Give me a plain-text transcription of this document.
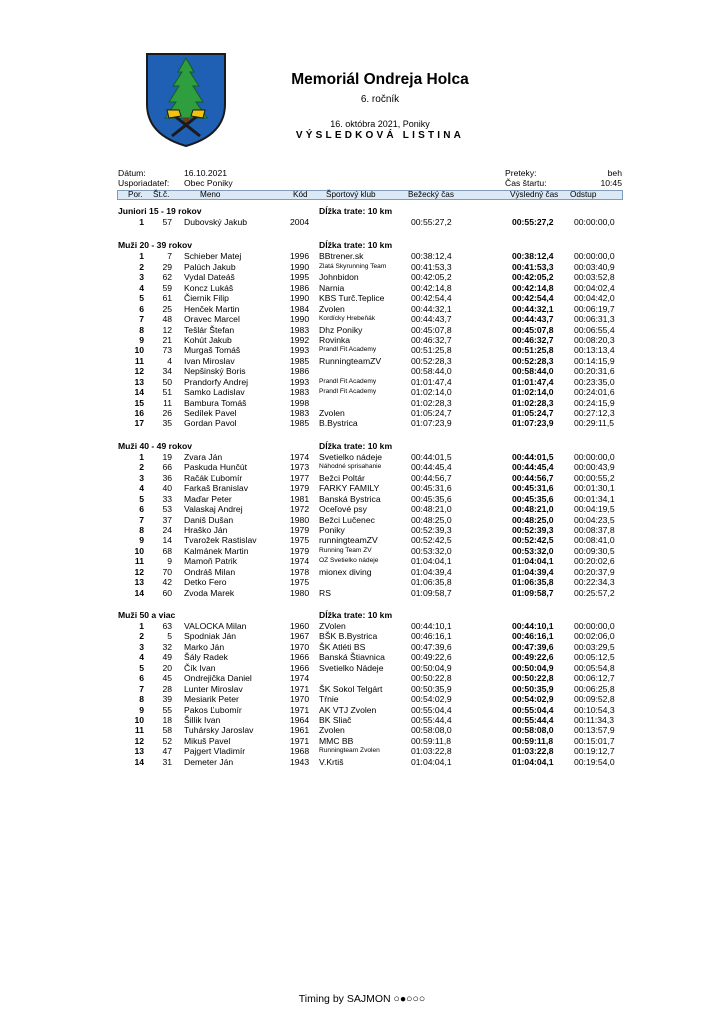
Memoriál Ondreja Holca
6. ročník
16. októbra 2021, Poniky
VÝSLEDKOVÁ LISTINA
Dátum:	16.10.2021
Usporiadateľ: Obec Poniky
Preteky:	beh
Čas štartu:	10:45
Por. Št.č.	Meno	Kód Športový klub	Bežecký čas	Výsledný čas Odstup
Juniori 15 - 19 rokov	Dĺžka trate: 10 km
1	57 Dubovský Jakub	2004	00:55:27,2	00:55:27,2 00:00:00,0
Muži 20 - 39 rokov	Dĺžka trate: 10 km
1	7 Schieber Matej	1996 BBtrener.sk	00:38:12,4	00:38:12,4 00:00:00,0
2	29 Palúch Jakub	1990 Zlatá Skyrunning Team	00:41:53,3	00:41:53,3 00:03:40,9
3	62 Vydal Dateáš	1995 Johnbidon	00:42:05,2	00:42:05,2 00:03:52,8
4	59 Koncz Lukáš	1986 Narnia	00:42:14,8	00:42:14,8 00:04:02,4
5	61 Čiernik Filip	1990 KBS Turč.Teplice	00:42:54,4	00:42:54,4 00:04:42,0
6	25 Henček Martin	1984 Zvolen	00:44:32,1	00:44:32,1 00:06:19,7
7	48 Oravec Marcel	1990 Kordícky Hrebeňák	00:44:43,7	00:44:43,7 00:06:31,3
8	12 Tešlár Štefan	1983 Dhz Poniky	00:45:07,8	00:45:07,8 00:06:55,4
9	21 Kohút Jakub	1992 Rovinka	00:46:32,7	00:46:32,7 00:08:20,3
10	73 Murgaš Tomáš	1993 Prandl Fit Academy	00:51:25,8	00:51:25,8 00:13:13,4
11	4 Ivan Miroslav	1985 RunningteamZV	00:52:28,3	00:52:28,3 00:14:15,9
12	34 Nepšinský Boris	1986	00:58:44,0	00:58:44,0 00:20:31,6
13	50 Prandorfy Andrej	1993 Prandl Fit Academy	01:01:47,4	01:01:47,4 00:23:35,0
14	51 Samko Ladislav	1983 Prandl Fit Academy	01:02:14,0	01:02:14,0 00:24:01,6
15	11 Bambura Tomáš	1998	01:02:28,3	01:02:28,3 00:24:15,9
16	26 Sedílek Pavel	1983 Zvolen	01:05:24,7	01:05:24,7 00:27:12,3
17	35 Gordan Pavol	1985 B.Bystrica	01:07:23,9	01:07:23,9 00:29:11,5
Muži 40 - 49 rokov	Dĺžka trate: 10 km
1	19 Zvara Ján	1974 Svetielko nádeje	00:44:01,5	00:44:01,5 00:00:00,0
2	66 Paskuda Hunčút	1973 Náhodné sprisahanie	00:44:45,4	00:44:45,4 00:00:43,9
3	36 Račák Ľubomír	1977 Bežci Poltár	00:44:56,7	00:44:56,7 00:00:55,2
4	40 Farkaš Branislav	1979 FARKY FAMILY	00:45:31,6	00:45:31,6 00:01:30,1
5	33 Maďar Peter	1981 Banská Bystrica	00:45:35,6	00:45:35,6 00:01:34,1
6	53 Valaskaj Andrej	1972 Oceľové psy	00:48:21,0	00:48:21,0 00:04:19,5
7	37 Daniš Dušan	1980 Bežci Lučenec	00:48:25,0	00:48:25,0 00:04:23,5
8	24 Hraško Ján	1979 Poniky	00:52:39,3	00:52:39,3 00:08:37,8
9	14 Tvarožek Rastislav	1975 runningteamZV	00:52:42,5	00:52:42,5 00:08:41,0
10	68 Kalmánek Martin	1979 Running Team ZV	00:53:32,0	00:53:32,0 00:09:30,5
11	9 Mamoň Patrik	1974 OZ Svetielko nádeje	01:04:04,1	01:04:04,1 00:20:02,6
12	70 Ondráš Milan	1978 mionex diving	01:04:39,4	01:04:39,4 00:20:37,9
13	42 Detko Fero	1975	01:06:35,8	01:06:35,8 00:22:34,3
14	60 Zvoda Marek	1980 RS	01:09:58,7	01:09:58,7 00:25:57,2
Muži 50 a viac	Dĺžka trate: 10 km
1	63 VALOCKA Milan	1960 ZVolen	00:44:10,1	00:44:10,1 00:00:00,0
2	5 Spodniak Ján	1967 BŠK B.Bystrica	00:46:16,1	00:46:16,1 00:02:06,0
3	32 Marko Ján	1970 ŠK Atléti BS	00:47:39,6	00:47:39,6 00:03:29,5
4	49 Šály Radek	1966 Banská Štiavnica	00:49:22,6	00:49:22,6 00:05:12,5
5	20 Čík Ivan	1966 Svetielko Nádeje	00:50:04,9	00:50:04,9 00:05:54,8
6	45 Ondrejička Daniel	1974	00:50:22,8	00:50:22,8 00:06:12,7
7	28 Lunter Miroslav	1971 ŠK Sokol Telgárt	00:50:35,9	00:50:35,9 00:06:25,8
8	39 Mesiarik Peter	1970 Tŕnie	00:54:02,9	00:54:02,9 00:09:52,8
9	55 Pakos Ľubomír	1971 AK VTJ Zvolen	00:55:04,4	00:55:04,4 00:10:54,3
10	18 Šillik Ivan	1964 BK Sliač	00:55:44,4	00:55:44,4 00:11:34,3
11	58 Tuhársky Jaroslav	1961 Zvolen	00:58:08,0	00:58:08,0 00:13:57,9
12	52 Mikuš Pavel	1971 MMC BB	00:59:11,8	00:59:11,8 00:15:01,7
13	47 Pajgert Vladimír	1968 Runningteam Zvolen	01:03:22,8	01:03:22,8 00:19:12,7
14	31 Demeter Ján	1943 V.Krtiš	01:04:04,1	01:04:04,1 00:19:54,0
Timing by SAJMON ○●○○○
